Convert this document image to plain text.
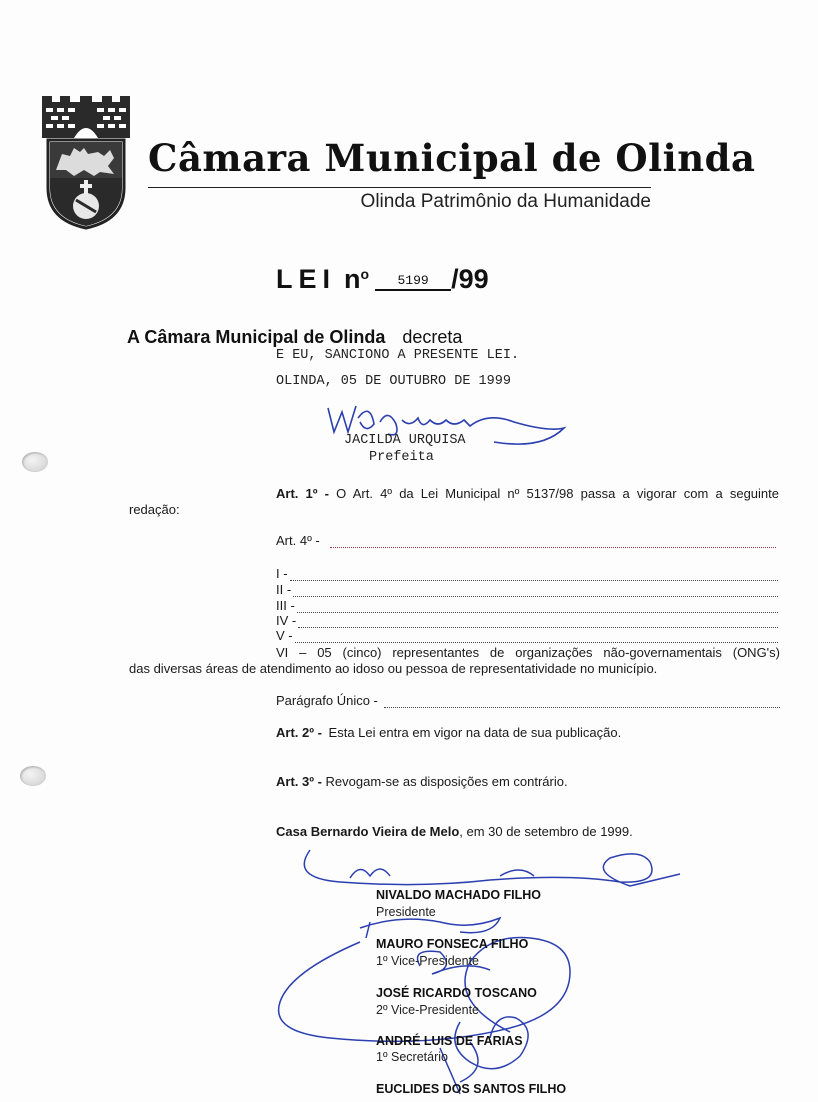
Câmara Municipal de Olinda
Olinda Patrimônio da Humanidade
LEI $n^o$	5199 /99
A Câmara Municipal de Olinda decreta
E EU, SANCIONO A PRESENTE LEI.
OLINDA, 05 DE OUTUBRO DE 1999
JACILDA URQUISA
Prefeita
Art. 1º - O Art. 4º da Lei Municipal nº 5137/98 passa a vigorar com a seguinte
redação:
Art. 4º -
I -
II -
III -
IV -
V -
VI – 05 (cinco) representantes de organizações não-governamentais (ONG's)
das diversas áreas de atendimento ao idoso ou pessoa de representatividade no município.
Parágrafo Único -
Art. 2º - Esta Lei entra em vigor na data de sua publicação.
Art. 3º - Revogam-se as disposições em contrário.
Casa Bernardo Vieira de Melo, em 30 de setembro de 1999.
NIVALDO MACHADO FILHO
Presidente
MAURO FONSECA FILHO
1º Vice-Presidente
JOSÉ RICARDO TOSCANO
2º Vice-Presidente
ANDRÉ LUIS DE FARIAS
1º Secretário
EUCLIDES DOS SANTOS FILHO
